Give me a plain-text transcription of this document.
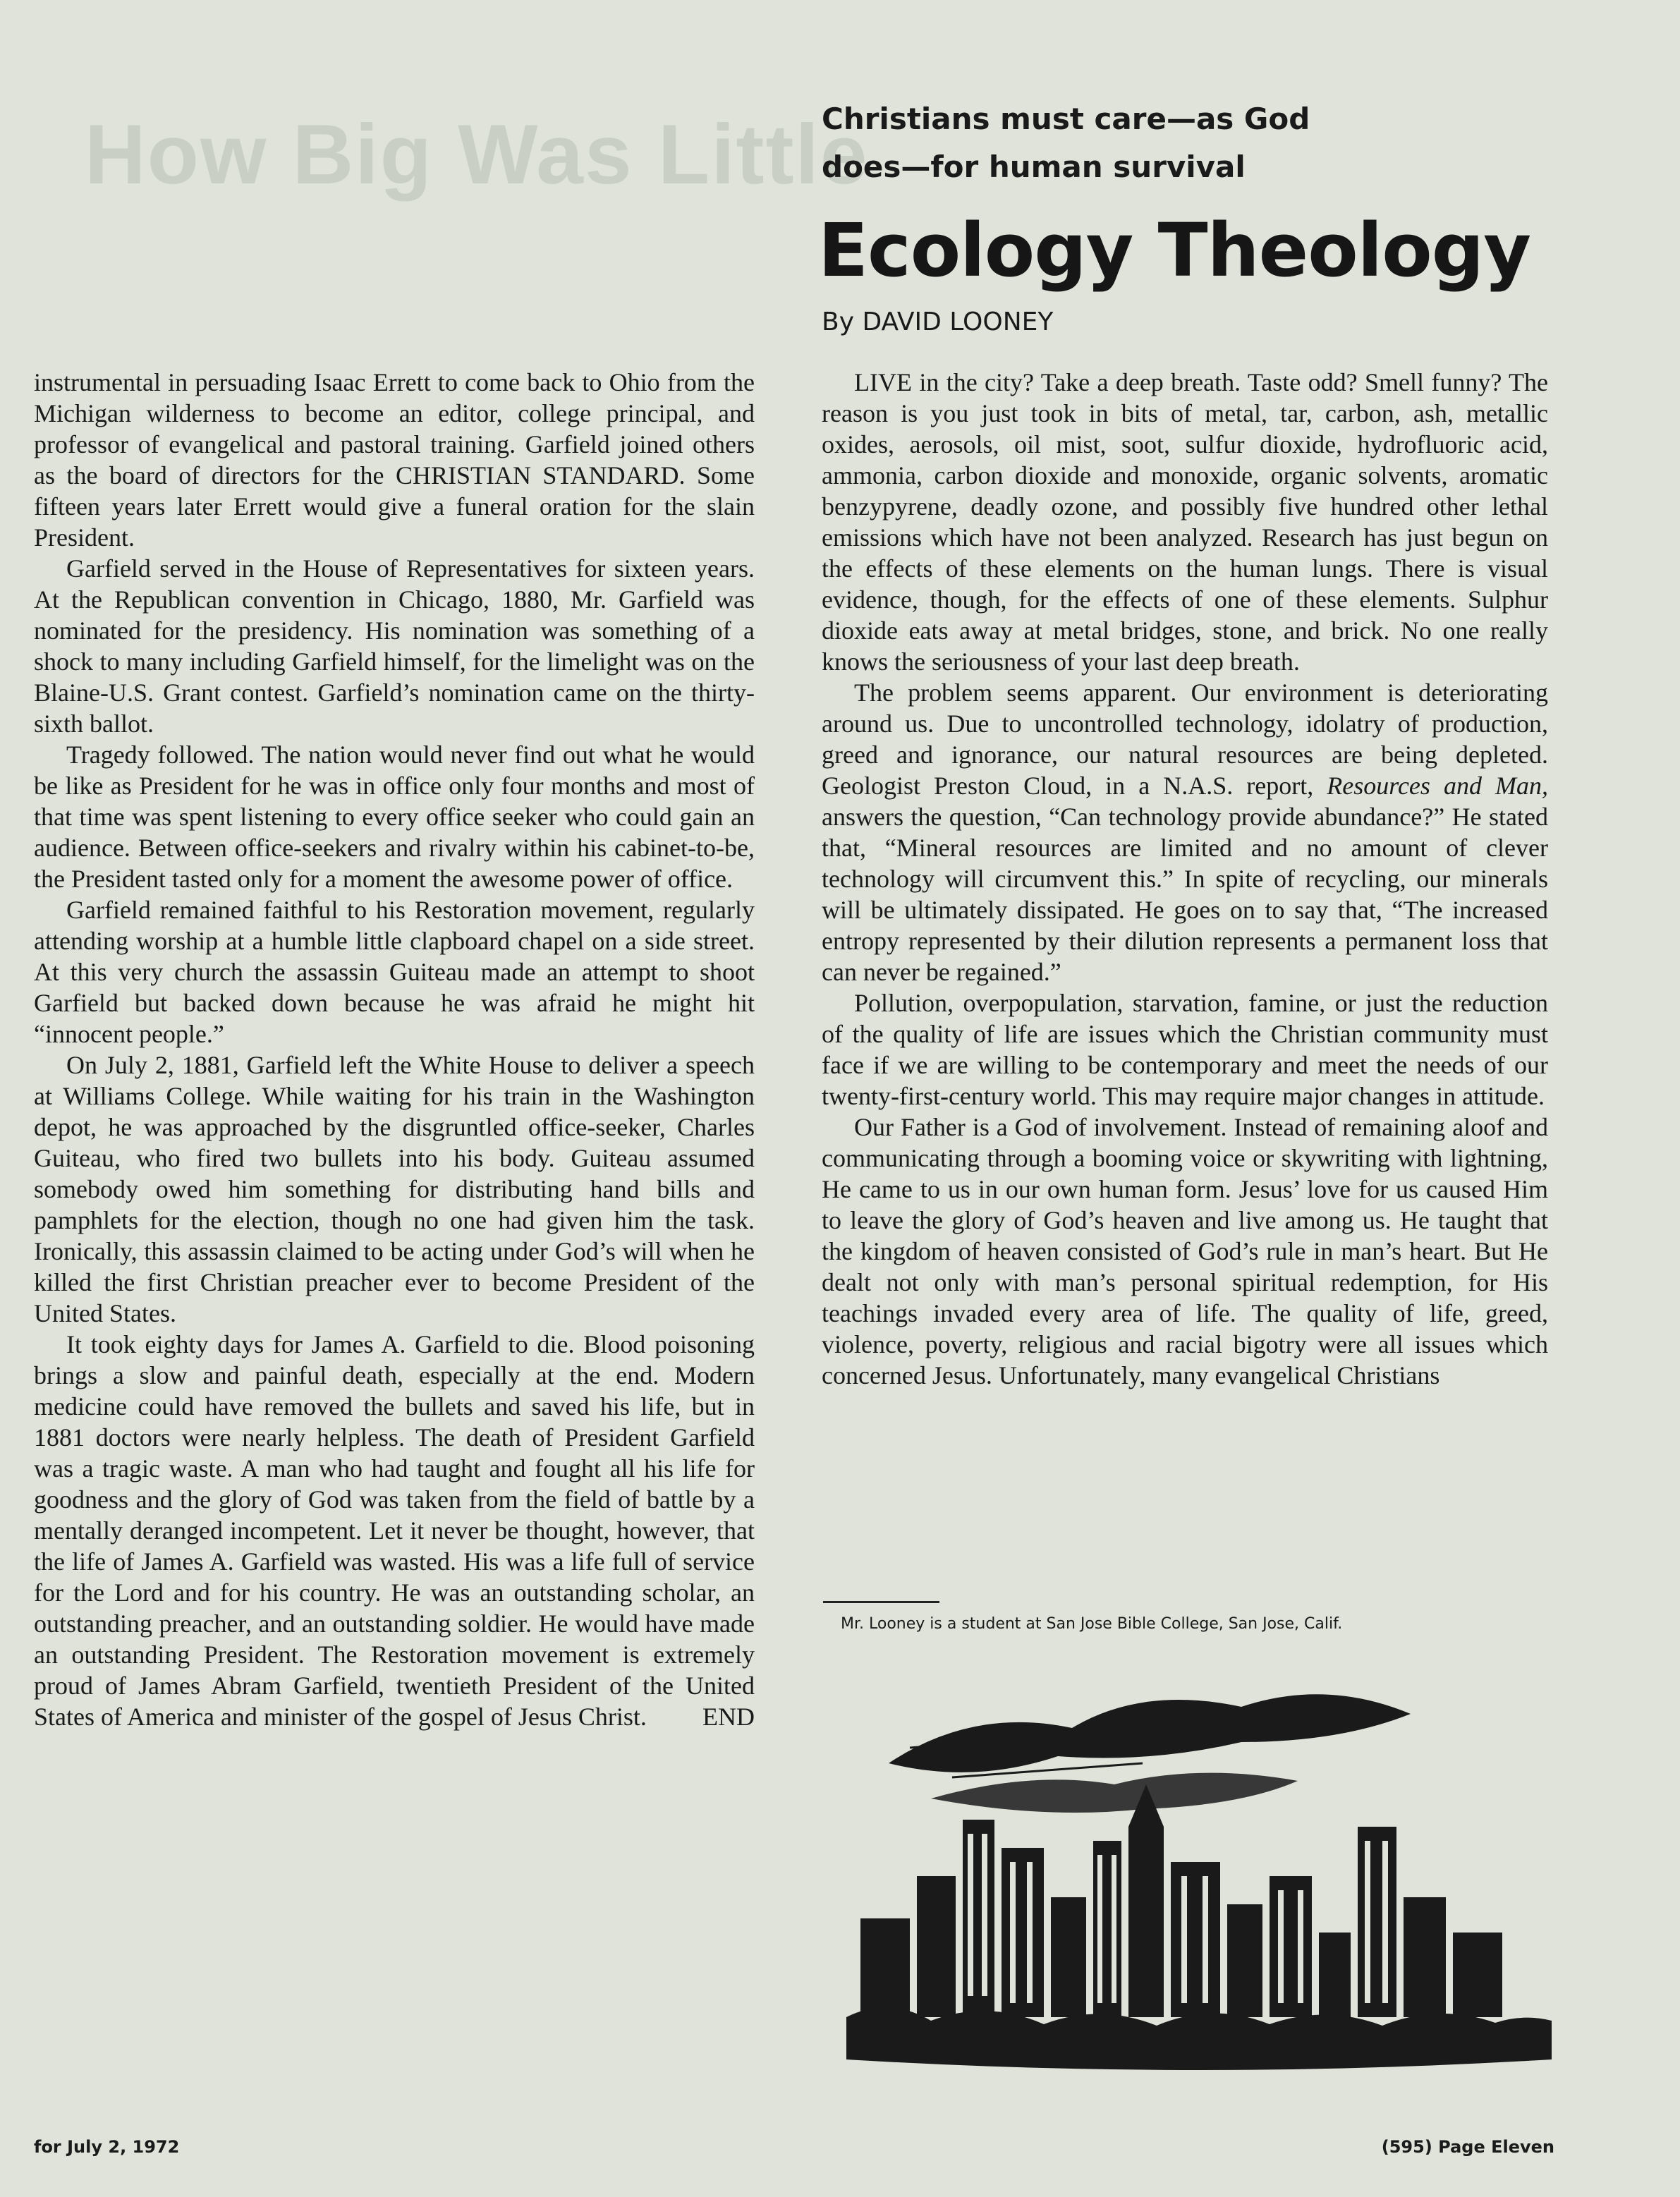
How Big Was Little
Christians must care—as God
does—for human survival
Ecology Theology
By DAVID LOONEY

instrumental in persuading Isaac Errett to come back to Ohio from the Michigan wilderness to become an editor, college principal, and professor of evangelical and pastoral training. Garfield joined others as the board of directors for the CHRISTIAN STANDARD. Some fifteen years later Errett would give a funeral oration for the slain President.

Garfield served in the House of Representatives for sixteen years. At the Republican convention in Chicago, 1880, Mr. Garfield was nominated for the presidency. His nomination was something of a shock to many including Garfield himself, for the limelight was on the Blaine-U.S. Grant contest. Garfield’s nomination came on the thirty-sixth ballot.

Tragedy followed. The nation would never find out what he would be like as President for he was in office only four months and most of that time was spent listening to every office seeker who could gain an audience. Between office-seekers and rivalry within his cabinet-to-be, the President tasted only for a moment the awesome power of office.

Garfield remained faithful to his Restoration movement, regularly attending worship at a humble little clapboard chapel on a side street. At this very church the assassin Guiteau made an attempt to shoot Garfield but backed down because he was afraid he might hit “innocent people.”

On July 2, 1881, Garfield left the White House to deliver a speech at Williams College. While waiting for his train in the Washington depot, he was approached by the disgruntled office-seeker, Charles Guiteau, who fired two bullets into his body. Guiteau assumed somebody owed him something for distributing hand bills and pamphlets for the election, though no one had given him the task. Ironically, this assassin claimed to be acting under God’s will when he killed the first Christian preacher ever to become President of the United States.

It took eighty days for James A. Garfield to die. Blood poisoning brings a slow and painful death, especially at the end. Modern medicine could have removed the bullets and saved his life, but in 1881 doctors were nearly helpless. The death of President Garfield was a tragic waste. A man who had taught and fought all his life for goodness and the glory of God was taken from the field of battle by a mentally deranged incompetent. Let it never be thought, however, that the life of James A. Garfield was wasted. His was a life full of service for the Lord and for his country. He was an outstanding scholar, an outstanding preacher, and an outstanding soldier. He would have made an outstanding President. The Restoration movement is extremely proud of James Abram Garfield, twentieth President of the United States of America and minister of the gospel of Jesus Christ.	END

LIVE in the city? Take a deep breath. Taste odd? Smell funny? The reason is you just took in bits of metal, tar, carbon, ash, metallic oxides, aerosols, oil mist, soot, sulfur dioxide, hydrofluoric acid, ammonia, carbon dioxide and monoxide, organic solvents, aromatic benzypyrene, deadly ozone, and possibly five hundred other lethal emissions which have not been analyzed. Research has just begun on the effects of these elements on the human lungs. There is visual evidence, though, for the effects of one of these elements. Sulphur dioxide eats away at metal bridges, stone, and brick. No one really knows the seriousness of your last deep breath.

The problem seems apparent. Our environment is deteriorating around us. Due to uncontrolled technology, idolatry of production, greed and ignorance, our natural resources are being depleted. Geologist Preston Cloud, in a N.A.S. report, Resources and Man, answers the question, “Can technology provide abundance?” He stated that, “Mineral resources are limited and no amount of clever technology will circumvent this.” In spite of recycling, our minerals will be ultimately dissipated. He goes on to say that, “The increased entropy represented by their dilution represents a permanent loss that can never be regained.”

Pollution, overpopulation, starvation, famine, or just the reduction of the quality of life are issues which the Christian community must face if we are willing to be contemporary and meet the needs of our twenty-first-century world. This may require major changes in attitude.

Our Father is a God of involvement. Instead of remaining aloof and communicating through a booming voice or skywriting with lightning, He came to us in our own human form. Jesus’ love for us caused Him to leave the glory of God’s heaven and live among us. He taught that the kingdom of heaven consisted of God’s rule in man’s heart. But He dealt not only with man’s personal spiritual redemption, for His teachings invaded every area of life. The quality of life, greed, violence, poverty, religious and racial bigotry were all issues which concerned Jesus. Unfortunately, many evangelical Christians

Mr. Looney is a student at San Jose Bible College, San Jose, Calif.
for July 2, 1972	(595) Page Eleven
